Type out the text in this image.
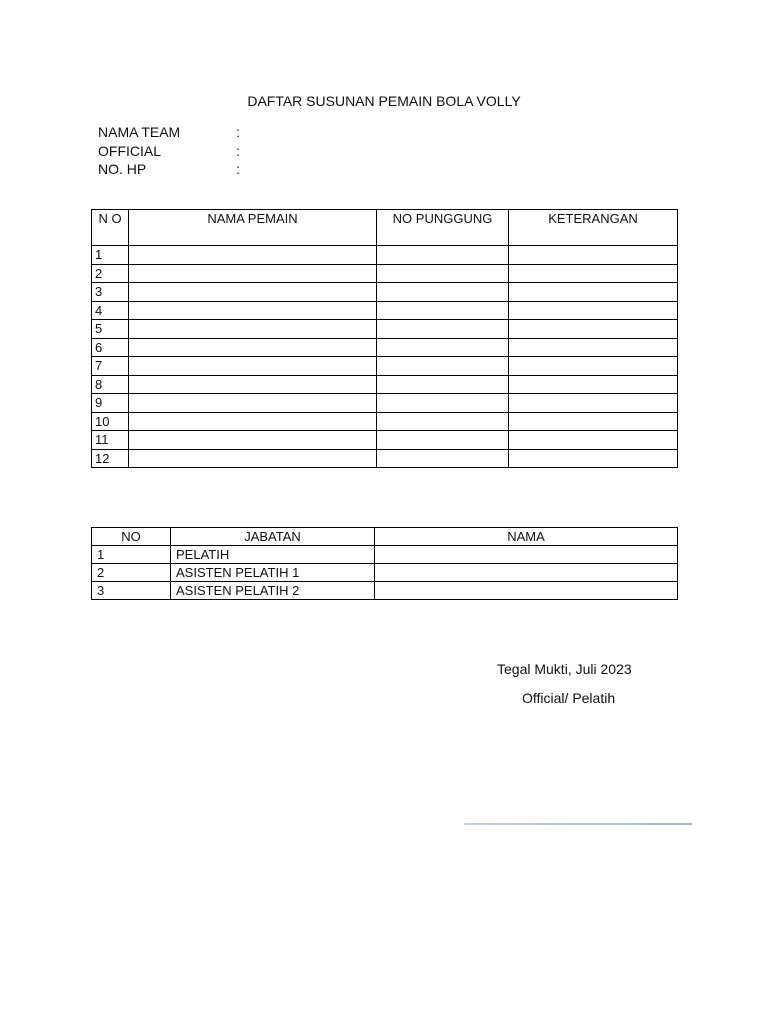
DAFTAR SUSUNAN PEMAIN BOLA VOLLY
NAMA TEAM	:
OFFICIAL	:
NO. HP	:
N O	NAMA PEMAIN	NO PUNGGUNG	KETERANGAN
1			
2			
3			
4			
5			
6			
7			
8			
9			
10			
11			
12			
NO	JABATAN	NAMA
1	PELATIH	
2	ASISTEN PELATIH 1	
3	ASISTEN PELATIH 2	
Tegal Mukti, Juli 2023
Official/ Pelatih
